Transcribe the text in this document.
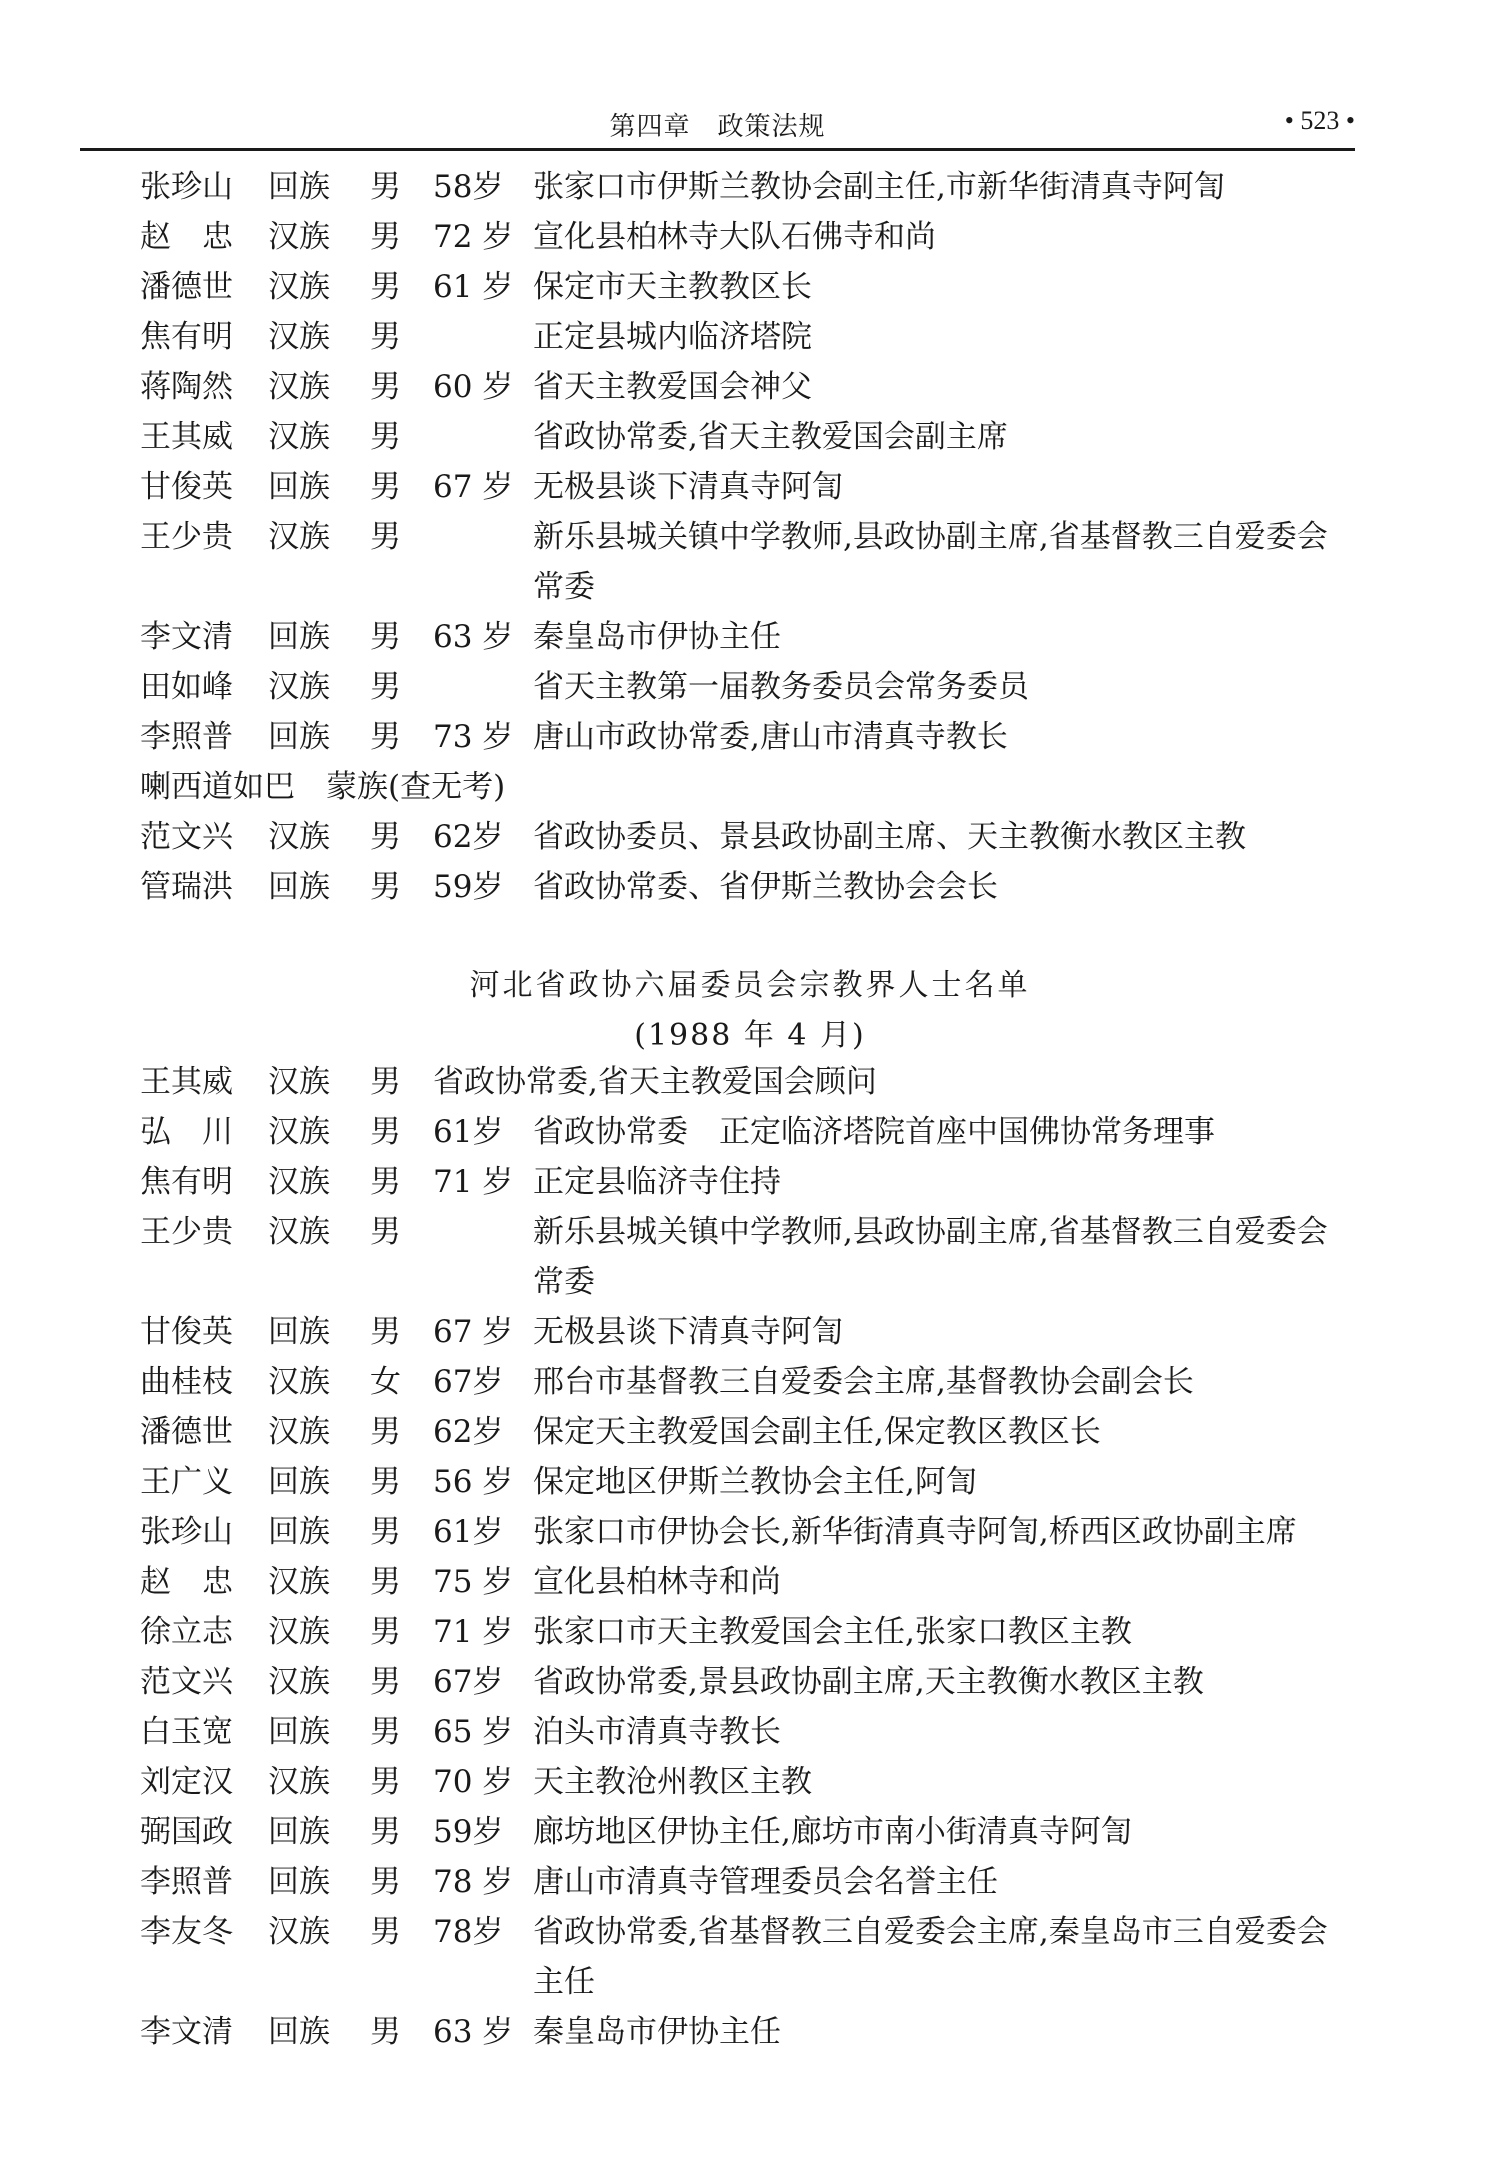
第四章　政策法规	• 523 •
张珍山	回族 男 58岁 张家口市伊斯兰教协会副主任,市新华街清真寺阿訇
赵　忠	汉族 男 72 岁 宣化县柏林寺大队石佛寺和尚
潘德世	汉族 男 61 岁 保定市天主教教区长
焦有明	汉族 男	正定县城内临济塔院
蒋陶然	汉族 男 60 岁 省天主教爱国会神父
王其威	汉族 男	省政协常委,省天主教爱国会副主席
甘俊英	回族 男 67 岁 无极县谈下清真寺阿訇
王少贵	汉族 男	新乐县城关镇中学教师,县政协副主席,省基督教三自爱委会常委
李文清	回族 男 63 岁 秦皇岛市伊协主任
田如峰	汉族 男	省天主教第一届教务委员会常务委员
李照普	回族 男 73 岁 唐山市政协常委,唐山市清真寺教长
喇西道如巴　蒙族(查无考)
范文兴	汉族 男 62岁 省政协委员、景县政协副主席、天主教衡水教区主教
管瑞洪	回族 男 59岁 省政协常委、省伊斯兰教协会会长
河北省政协六届委员会宗教界人士名单
(1988 年 4 月)
王其威	汉族 男 省政协常委,省天主教爱国会顾问
弘　川	汉族 男 61岁 省政协常委　正定临济塔院首座中国佛协常务理事
焦有明	汉族 男 71 岁 正定县临济寺住持
王少贵	汉族 男	新乐县城关镇中学教师,县政协副主席,省基督教三自爱委会常委
甘俊英	回族 男 67 岁 无极县谈下清真寺阿訇
曲桂枝	汉族 女 67岁 邢台市基督教三自爱委会主席,基督教协会副会长
潘德世	汉族 男 62岁 保定天主教爱国会副主任,保定教区教区长
王广义	回族 男 56 岁 保定地区伊斯兰教协会主任,阿訇
张珍山	回族 男 61岁 张家口市伊协会长,新华街清真寺阿訇,桥西区政协副主席
赵　忠	汉族 男 75 岁 宣化县柏林寺和尚
徐立志	汉族 男 71 岁 张家口市天主教爱国会主任,张家口教区主教
范文兴	汉族 男 67岁 省政协常委,景县政协副主席,天主教衡水教区主教
白玉宽	回族 男 65 岁 泊头市清真寺教长
刘定汉	汉族 男 70 岁 天主教沧州教区主教
弼国政	回族 男 59岁 廊坊地区伊协主任,廊坊市南小街清真寺阿訇
李照普	回族 男 78 岁 唐山市清真寺管理委员会名誉主任
李友冬	汉族 男 78岁 省政协常委,省基督教三自爱委会主席,秦皇岛市三自爱委会主任
李文清	回族 男 63 岁 秦皇岛市伊协主任
